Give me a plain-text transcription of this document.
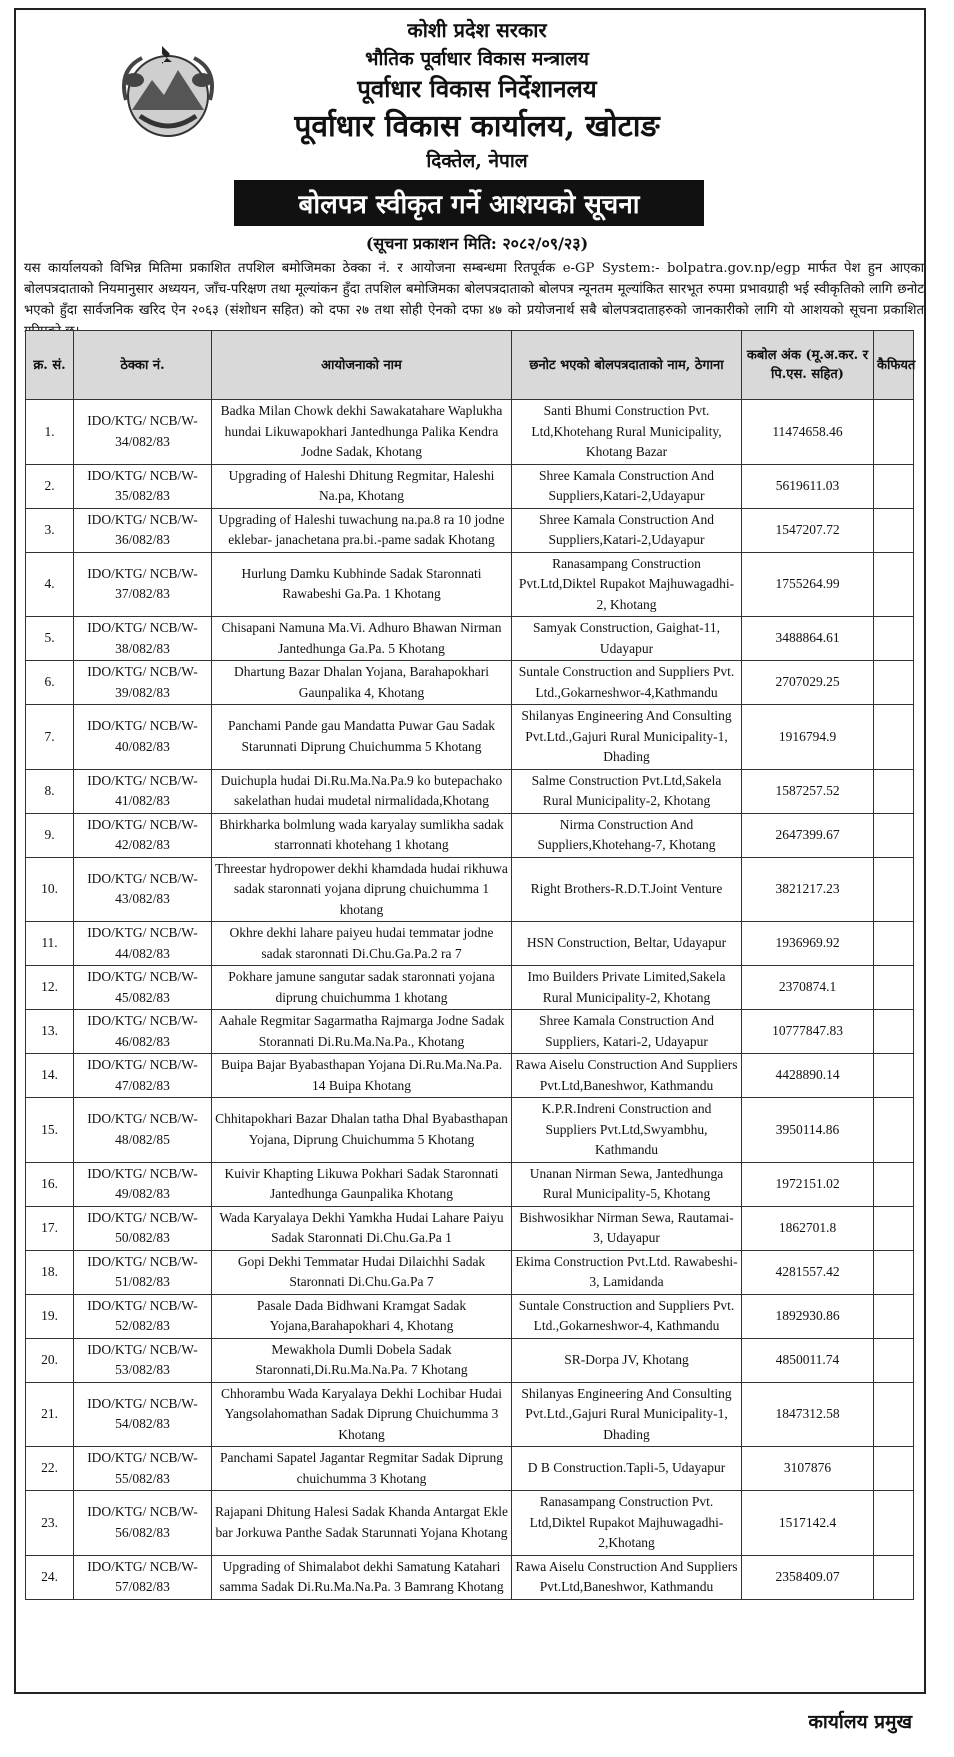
कोशी प्रदेश सरकार
भौतिक पूर्वाधार विकास मन्त्रालय
पूर्वाधार विकास निर्देशानलय
पूर्वाधार विकास कार्यालय, खोटाङ
दिक्तेल, नेपाल
बोलपत्र स्वीकृत गर्ने आशयको सूचना
(सूचना प्रकाशन मिति: २०८२/०९/२३)
यस कार्यालयको विभिन्न मितिमा प्रकाशित तपशिल बमोजिमका ठेक्का नं. र आयोजना सम्बन्धमा रितपूर्वक e-GP System:- bolpatra.gov.np/egp मार्फत पेश हुन आएका बोलपत्रदाताको नियमानुसार अध्ययन, जाँच-परिक्षण तथा मूल्यांकन हुँदा तपशिल बमोजिमका बोलपत्रदाताको बोलपत्र न्यूनतम मूल्यांकित सारभूत रुपमा प्रभावग्राही भई स्वीकृतिको लागि छनोट भएको हुँदा सार्वजनिक खरिद ऐन २०६३ (संशोधन सहित) को दफा २७ तथा सोही ऐनको दफा ४७ को प्रयोजनार्थ सबै बोलपत्रदाताहरुको जानकारीको लागि यो आशयको सूचना प्रकाशित
क्र. सं.	ठेक्का नं.	आयोजनाको नाम	छनोट भएको बोलपत्रदाताको नाम, ठेगाना	कबोल अंक (मू.अ.कर. र पि.एस. सहित)	कैफियत
1.	IDO/KTG/ NCB/W-34/082/83	Badka Milan Chowk dekhi Sawakatahare Waplukha hundai Likuwapokhari Jantedhunga Palika Kendra Jodne Sadak, Khotang	Santi Bhumi Construction Pvt. Ltd,Khotehang Rural Municipality, Khotang Bazar	11474658.46	
2.	IDO/KTG/ NCB/W-35/082/83	Upgrading of Haleshi Dhitung Regmitar, Haleshi Na.pa, Khotang	Shree Kamala Construction And Suppliers,Katari-2,Udayapur	5619611.03	
3.	IDO/KTG/ NCB/W-36/082/83	Upgrading of Haleshi tuwachung na.pa.8 ra 10 jodne eklebar- janachetana pra.bi.-pame sadak Khotang	Shree Kamala Construction And Suppliers,Katari-2,Udayapur	1547207.72	
4.	IDO/KTG/ NCB/W-37/082/83	Hurlung Damku Kubhinde Sadak Staronnati Rawabeshi Ga.Pa. 1 Khotang	Ranasampang Construction Pvt.Ltd,Diktel Rupakot Majhuwagadhi-2, Khotang	1755264.99	
5.	IDO/KTG/ NCB/W-38/082/83	Chisapani Namuna Ma.Vi. Adhuro Bhawan Nirman Jantedhunga Ga.Pa. 5 Khotang	Samyak Construction, Gaighat-11, Udayapur	3488864.61	
6.	IDO/KTG/ NCB/W-39/082/83	Dhartung Bazar Dhalan Yojana, Barahapokhari Gaunpalika 4, Khotang	Suntale Construction and Suppliers Pvt. Ltd.,Gokarneshwor-4,Kathmandu	2707029.25	
7.	IDO/KTG/ NCB/W-40/082/83	Panchami Pande gau Mandatta Puwar Gau Sadak Starunnati Diprung Chuichumma 5 Khotang	Shilanyas Engineering And Consulting Pvt.Ltd.,Gajuri Rural Municipality-1, Dhading	1916794.9	
8.	IDO/KTG/ NCB/W-41/082/83	Duichupla hudai Di.Ru.Ma.Na.Pa.9 ko butepachako sakelathan hudai mudetal nirmalidada,Khotang	Salme Construction Pvt.Ltd,Sakela Rural Municipality-2, Khotang	1587257.52	
9.	IDO/KTG/ NCB/W-42/082/83	Bhirkharka bolmlung wada karyalay sumlikha sadak starronnati khotehang 1 khotang	Nirma Construction And Suppliers,Khotehang-7, Khotang	2647399.67	
10.	IDO/KTG/ NCB/W-43/082/83	Threestar hydropower dekhi khamdada hudai rikhuwa sadak staronnati yojana diprung chuichumma 1 khotang	Right Brothers-R.D.T.Joint Venture	3821217.23	
11.	IDO/KTG/ NCB/W-44/082/83	Okhre dekhi lahare paiyeu hudai temmatar jodne sadak staronnati Di.Chu.Ga.Pa.2 ra 7	HSN Construction, Beltar, Udayapur	1936969.92	
12.	IDO/KTG/ NCB/W-45/082/83	Pokhare jamune sangutar sadak staronnati yojana diprung chuichumma 1 khotang	Imo Builders Private Limited,Sakela Rural Municipality-2, Khotang	2370874.1	
13.	IDO/KTG/ NCB/W-46/082/83	Aahale Regmitar Sagarmatha Rajmarga Jodne Sadak Storannati Di.Ru.Ma.Na.Pa., Khotang	Shree Kamala Construction And Suppliers, Katari-2, Udayapur	10777847.83	
14.	IDO/KTG/ NCB/W-47/082/83	Buipa Bajar Byabasthapan Yojana Di.Ru.Ma.Na.Pa. 14 Buipa Khotang	Rawa Aiselu Construction And Suppliers Pvt.Ltd,Baneshwor, Kathmandu	4428890.14	
15.	IDO/KTG/ NCB/W-48/082/85	Chhitapokhari Bazar Dhalan tatha Dhal Byabasthapan Yojana, Diprung Chuichumma 5 Khotang	K.P.R.Indreni Construction and Suppliers Pvt.Ltd,Swyambhu, Kathmandu	3950114.86	
16.	IDO/KTG/ NCB/W-49/082/83	Kuivir Khapting Likuwa Pokhari Sadak Staronnati Jantedhunga Gaunpalika Khotang	Unanan Nirman Sewa, Jantedhunga Rural Municipality-5, Khotang	1972151.02	
17.	IDO/KTG/ NCB/W-50/082/83	Wada Karyalaya Dekhi Yamkha Hudai Lahare Paiyu Sadak Staronnati Di.Chu.Ga.Pa 1	Bishwosikhar Nirman Sewa, Rautamai-3, Udayapur	1862701.8	
18.	IDO/KTG/ NCB/W-51/082/83	Gopi Dekhi Temmatar Hudai Dilaichhi Sadak Staronnati Di.Chu.Ga.Pa 7	Ekima Construction Pvt.Ltd. Rawabeshi-3, Lamidanda	4281557.42	
19.	IDO/KTG/ NCB/W-52/082/83	Pasale Dada Bidhwani Kramgat Sadak Yojana,Barahapokhari 4, Khotang	Suntale Construction and Suppliers Pvt. Ltd.,Gokarneshwor-4, Kathmandu	1892930.86	
20.	IDO/KTG/ NCB/W-53/082/83	Mewakhola Dumli Dobela Sadak Staronnati,Di.Ru.Ma.Na.Pa. 7 Khotang	SR-Dorpa JV, Khotang	4850011.74	
21.	IDO/KTG/ NCB/W-54/082/83	Chhorambu Wada Karyalaya Dekhi Lochibar Hudai Yangsolahomathan Sadak Diprung Chuichumma 3 Khotang	Shilanyas Engineering And Consulting Pvt.Ltd.,Gajuri Rural Municipality-1, Dhading	1847312.58	
22.	IDO/KTG/ NCB/W-55/082/83	Panchami Sapatel Jagantar Regmitar Sadak Diprung chuichumma 3 Khotang	D B Construction.Tapli-5, Udayapur	3107876	
23.	IDO/KTG/ NCB/W-56/082/83	Rajapani Dhitung Halesi Sadak Khanda Antargat Ekle bar Jorkuwa Panthe Sadak Starunnati Yojana Khotang	Ranasampang Construction Pvt. Ltd,Diktel Rupakot Majhuwagadhi-2,Khotang	1517142.4	
24.	IDO/KTG/ NCB/W-57/082/83	Upgrading of Shimalabot dekhi Samatung Katahari samma Sadak Di.Ru.Ma.Na.Pa. 3 Bamrang Khotang	Rawa Aiselu Construction And Suppliers Pvt.Ltd,Baneshwor, Kathmandu	2358409.07	
कार्यालय प्रमुख
